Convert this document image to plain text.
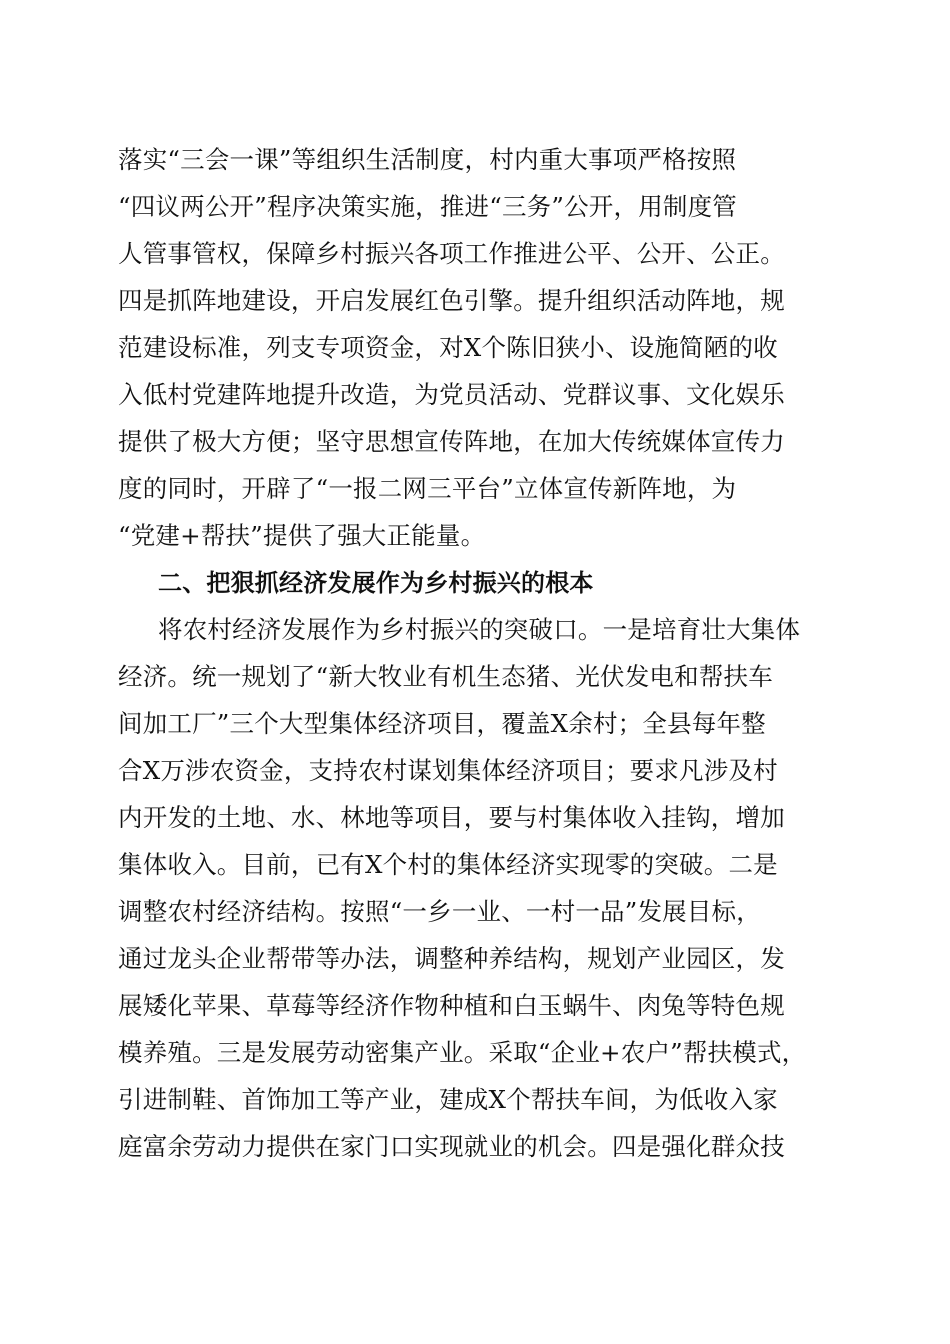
落实“三会一课”等组织生活制度，村内重大事项严格按照
“四议两公开”程序决策实施，推进“三务”公开，用制度管
人管事管权，保障乡村振兴各项工作推进公平、公开、公正。
四是抓阵地建设，开启发展红色引擎。提升组织活动阵地，规
范建设标准，列支专项资金，对X个陈旧狭小、设施简陋的收
入低村党建阵地提升改造，为党员活动、党群议事、文化娱乐
提供了极大方便；坚守思想宣传阵地，在加大传统媒体宣传力
度的同时，开辟了“一报二网三平台”立体宣传新阵地，为
“党建+帮扶”提供了强大正能量。
二、把狠抓经济发展作为乡村振兴的根本
将农村经济发展作为乡村振兴的突破口。一是培育壮大集体
经济。统一规划了“新大牧业有机生态猪、光伏发电和帮扶车
间加工厂”三个大型集体经济项目，覆盖X余村；全县每年整
合X万涉农资金，支持农村谋划集体经济项目；要求凡涉及村
内开发的土地、水、林地等项目，要与村集体收入挂钩，增加
集体收入。目前，已有X个村的集体经济实现零的突破。二是
调整农村经济结构。按照“一乡一业、一村一品”发展目标，
通过龙头企业帮带等办法，调整种养结构，规划产业园区，发
展矮化苹果、草莓等经济作物种植和白玉蜗牛、肉兔等特色规
模养殖。三是发展劳动密集产业。采取“企业+农户”帮扶模式，
引进制鞋、首饰加工等产业，建成X个帮扶车间，为低收入家
庭富余劳动力提供在家门口实现就业的机会。四是强化群众技
